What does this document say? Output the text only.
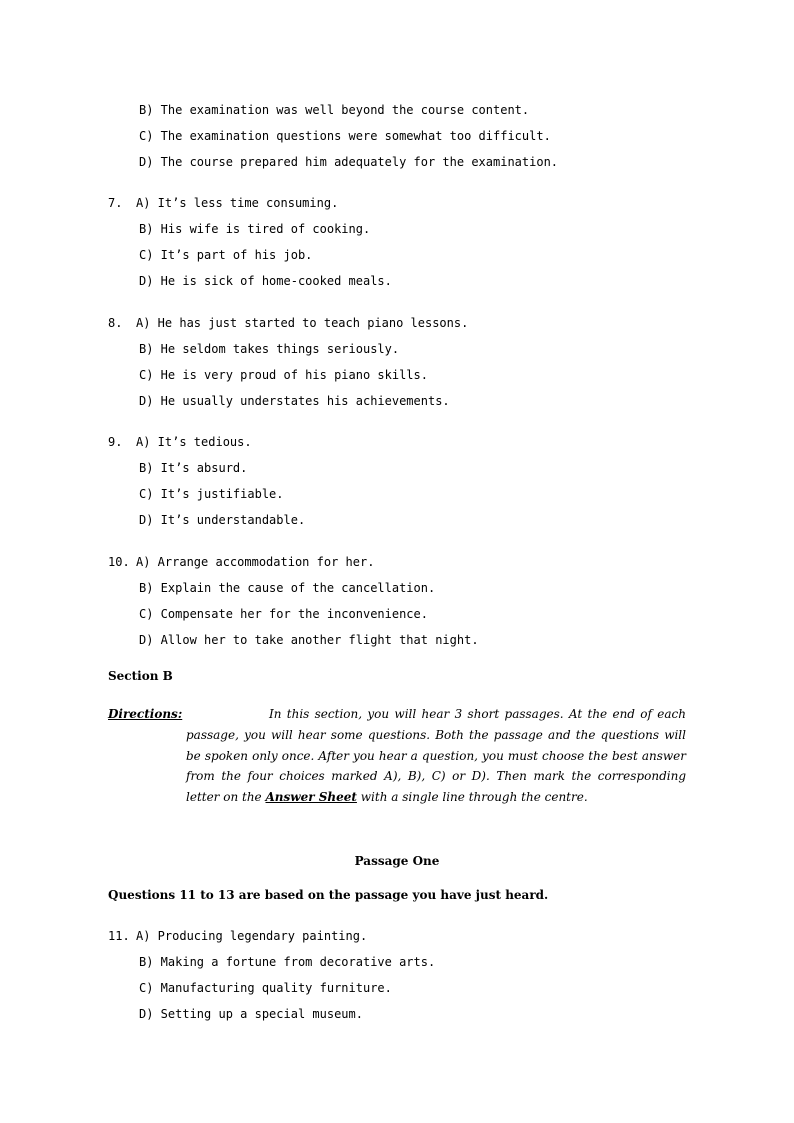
B) The examination was well beyond the course content.
C) The examination questions were somewhat too difficult.
D) The course prepared him adequately for the examination.
7. A) It’s less time consuming.
B) His wife is tired of cooking.
C) It’s part of his job.
D) He is sick of home-cooked meals.
8. A) He has just started to teach piano lessons.
B) He seldom takes things seriously.
C) He is very proud of his piano skills.
D) He usually understates his achievements.
9. A) It’s tedious.
B) It’s absurd.
C) It’s justifiable.
D) It’s understandable.
10. A) Arrange accommodation for her.
B) Explain the cause of the cancellation.
C) Compensate her for the inconvenience.
D) Allow her to take another flight that night.
Section B
Directions:	In this section, you will hear 3 short passages. At the end of each passage, you will hear some questions. Both the passage and the questions will be spoken only once. After you hear a question, you must choose the best answer from the four choices marked A), B), C) or D). Then mark the corresponding letter on the Answer Sheet with a single line through the centre.

Passage One
Questions 11 to 13 are based on the passage you have just heard.
11. A) Producing legendary painting.
B) Making a fortune from decorative arts.
C) Manufacturing quality furniture.
D) Setting up a special museum.
